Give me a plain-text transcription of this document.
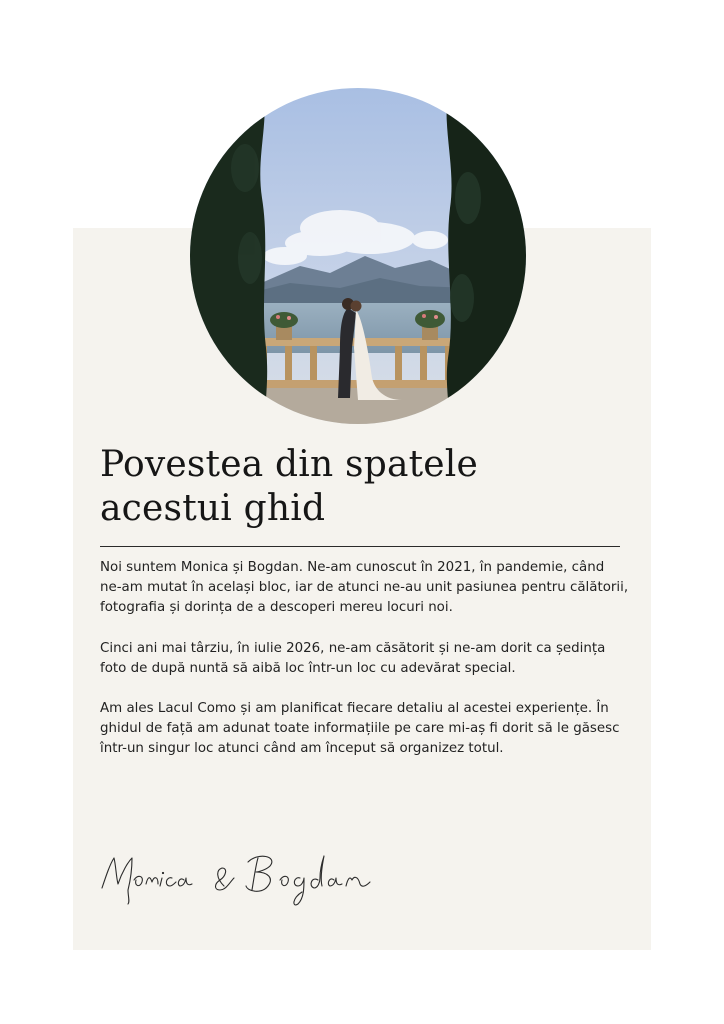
Povestea din spatele
acestui ghid

Noi suntem Monica și Bogdan. Ne-am cunoscut în 2021, în pandemie, când ne-am mutat în același bloc, iar de atunci ne-au unit pasiunea pentru călătorii, fotografia și dorința de a descoperi mereu locuri noi.

Cinci ani mai târziu, în iulie 2026, ne-am căsătorit și ne-am dorit ca ședința foto de după nuntă să aibă loc într-un loc cu adevărat special.

Am ales Lacul Como și am planificat fiecare detaliu al acestei experiențe. În ghidul de față am adunat toate informațiile pe care mi-aș fi dorit să le găsesc într-un singur loc atunci când am început să organizez totul.
